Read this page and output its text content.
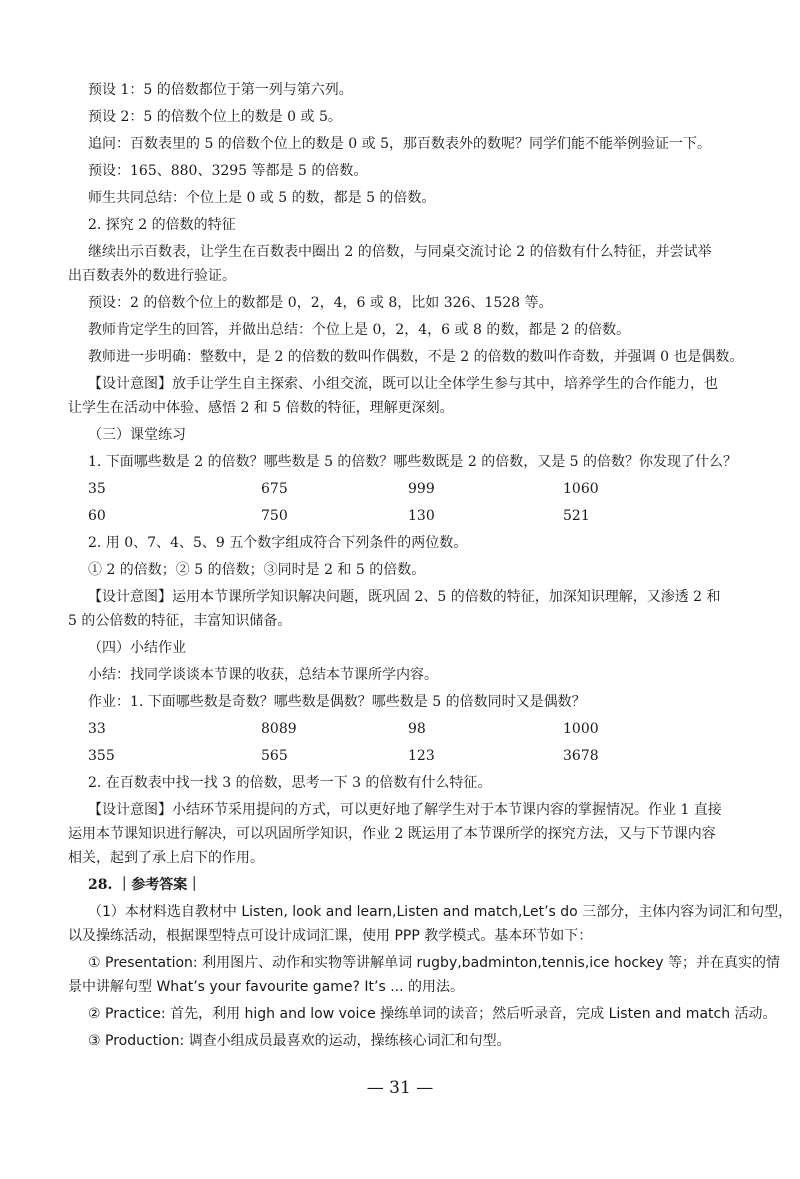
预设 1：5 的倍数都位于第一列与第六列。

预设 2：5 的倍数个位上的数是 0 或 5。

追问：百数表里的 5 的倍数个位上的数是 0 或 5，那百数表外的数呢？同学们能不能举例验证一下。

预设：165、880、3295 等都是 5 的倍数。

师生共同总结：个位上是 0 或 5 的数，都是 5 的倍数。

2. 探究 2 的倍数的特征

继续出示百数表，让学生在百数表中圈出 2 的倍数，与同桌交流讨论 2 的倍数有什么特征，并尝试举

出百数表外的数进行验证。

预设：2 的倍数个位上的数都是 0，2，4，6 或 8，比如 326、1528 等。

教师肯定学生的回答，并做出总结：个位上是 0，2，4，6 或 8 的数，都是 2 的倍数。

教师进一步明确：整数中，是 2 的倍数的数叫作偶数，不是 2 的倍数的数叫作奇数，并强调 0 也是偶数。

【设计意图】放手让学生自主探索、小组交流，既可以让全体学生参与其中，培养学生的合作能力，也

让学生在活动中体验、感悟 2 和 5 倍数的特征，理解更深刻。

（三）课堂练习

1. 下面哪些数是 2 的倍数？哪些数是 5 的倍数？哪些数既是 2 的倍数，又是 5 的倍数？你发现了什么？

35	675	999	1060
60	750	130	521

2. 用 0、7、4、5、9 五个数字组成符合下列条件的两位数。

① 2 的倍数；② 5 的倍数；③同时是 2 和 5 的倍数。

【设计意图】运用本节课所学知识解决问题，既巩固 2、5 的倍数的特征，加深知识理解，又渗透 2 和

5 的公倍数的特征，丰富知识储备。

（四）小结作业

小结：找同学谈谈本节课的收获，总结本节课所学内容。

作业：1. 下面哪些数是奇数？哪些数是偶数？哪些数是 5 的倍数同时又是偶数？

33	8089	98	1000
355	565	123	3678

2. 在百数表中找一找 3 的倍数，思考一下 3 的倍数有什么特征。

【设计意图】小结环节采用提问的方式，可以更好地了解学生对于本节课内容的掌握情况。作业 1 直接

运用本节课知识进行解决，可以巩固所学知识，作业 2 既运用了本节课所学的探究方法，又与下节课内容

相关，起到了承上启下的作用。

28. ｜参考答案｜

（1）本材料选自教材中 Listen, look and learn,Listen and match,Let’s do 三部分，主体内容为词汇和句型，

以及操练活动，根据课型特点可设计成词汇课，使用 PPP 教学模式。基本环节如下：

① Presentation: 利用图片、动作和实物等讲解单词 rugby,badminton,tennis,ice hockey 等；并在真实的情

景中讲解句型 What’s your favourite game? It’s ... 的用法。

② Practice: 首先，利用 high and low voice 操练单词的读音；然后听录音，完成 Listen and match 活动。

③ Production: 调查小组成员最喜欢的运动，操练核心词汇和句型。

— 31 —
